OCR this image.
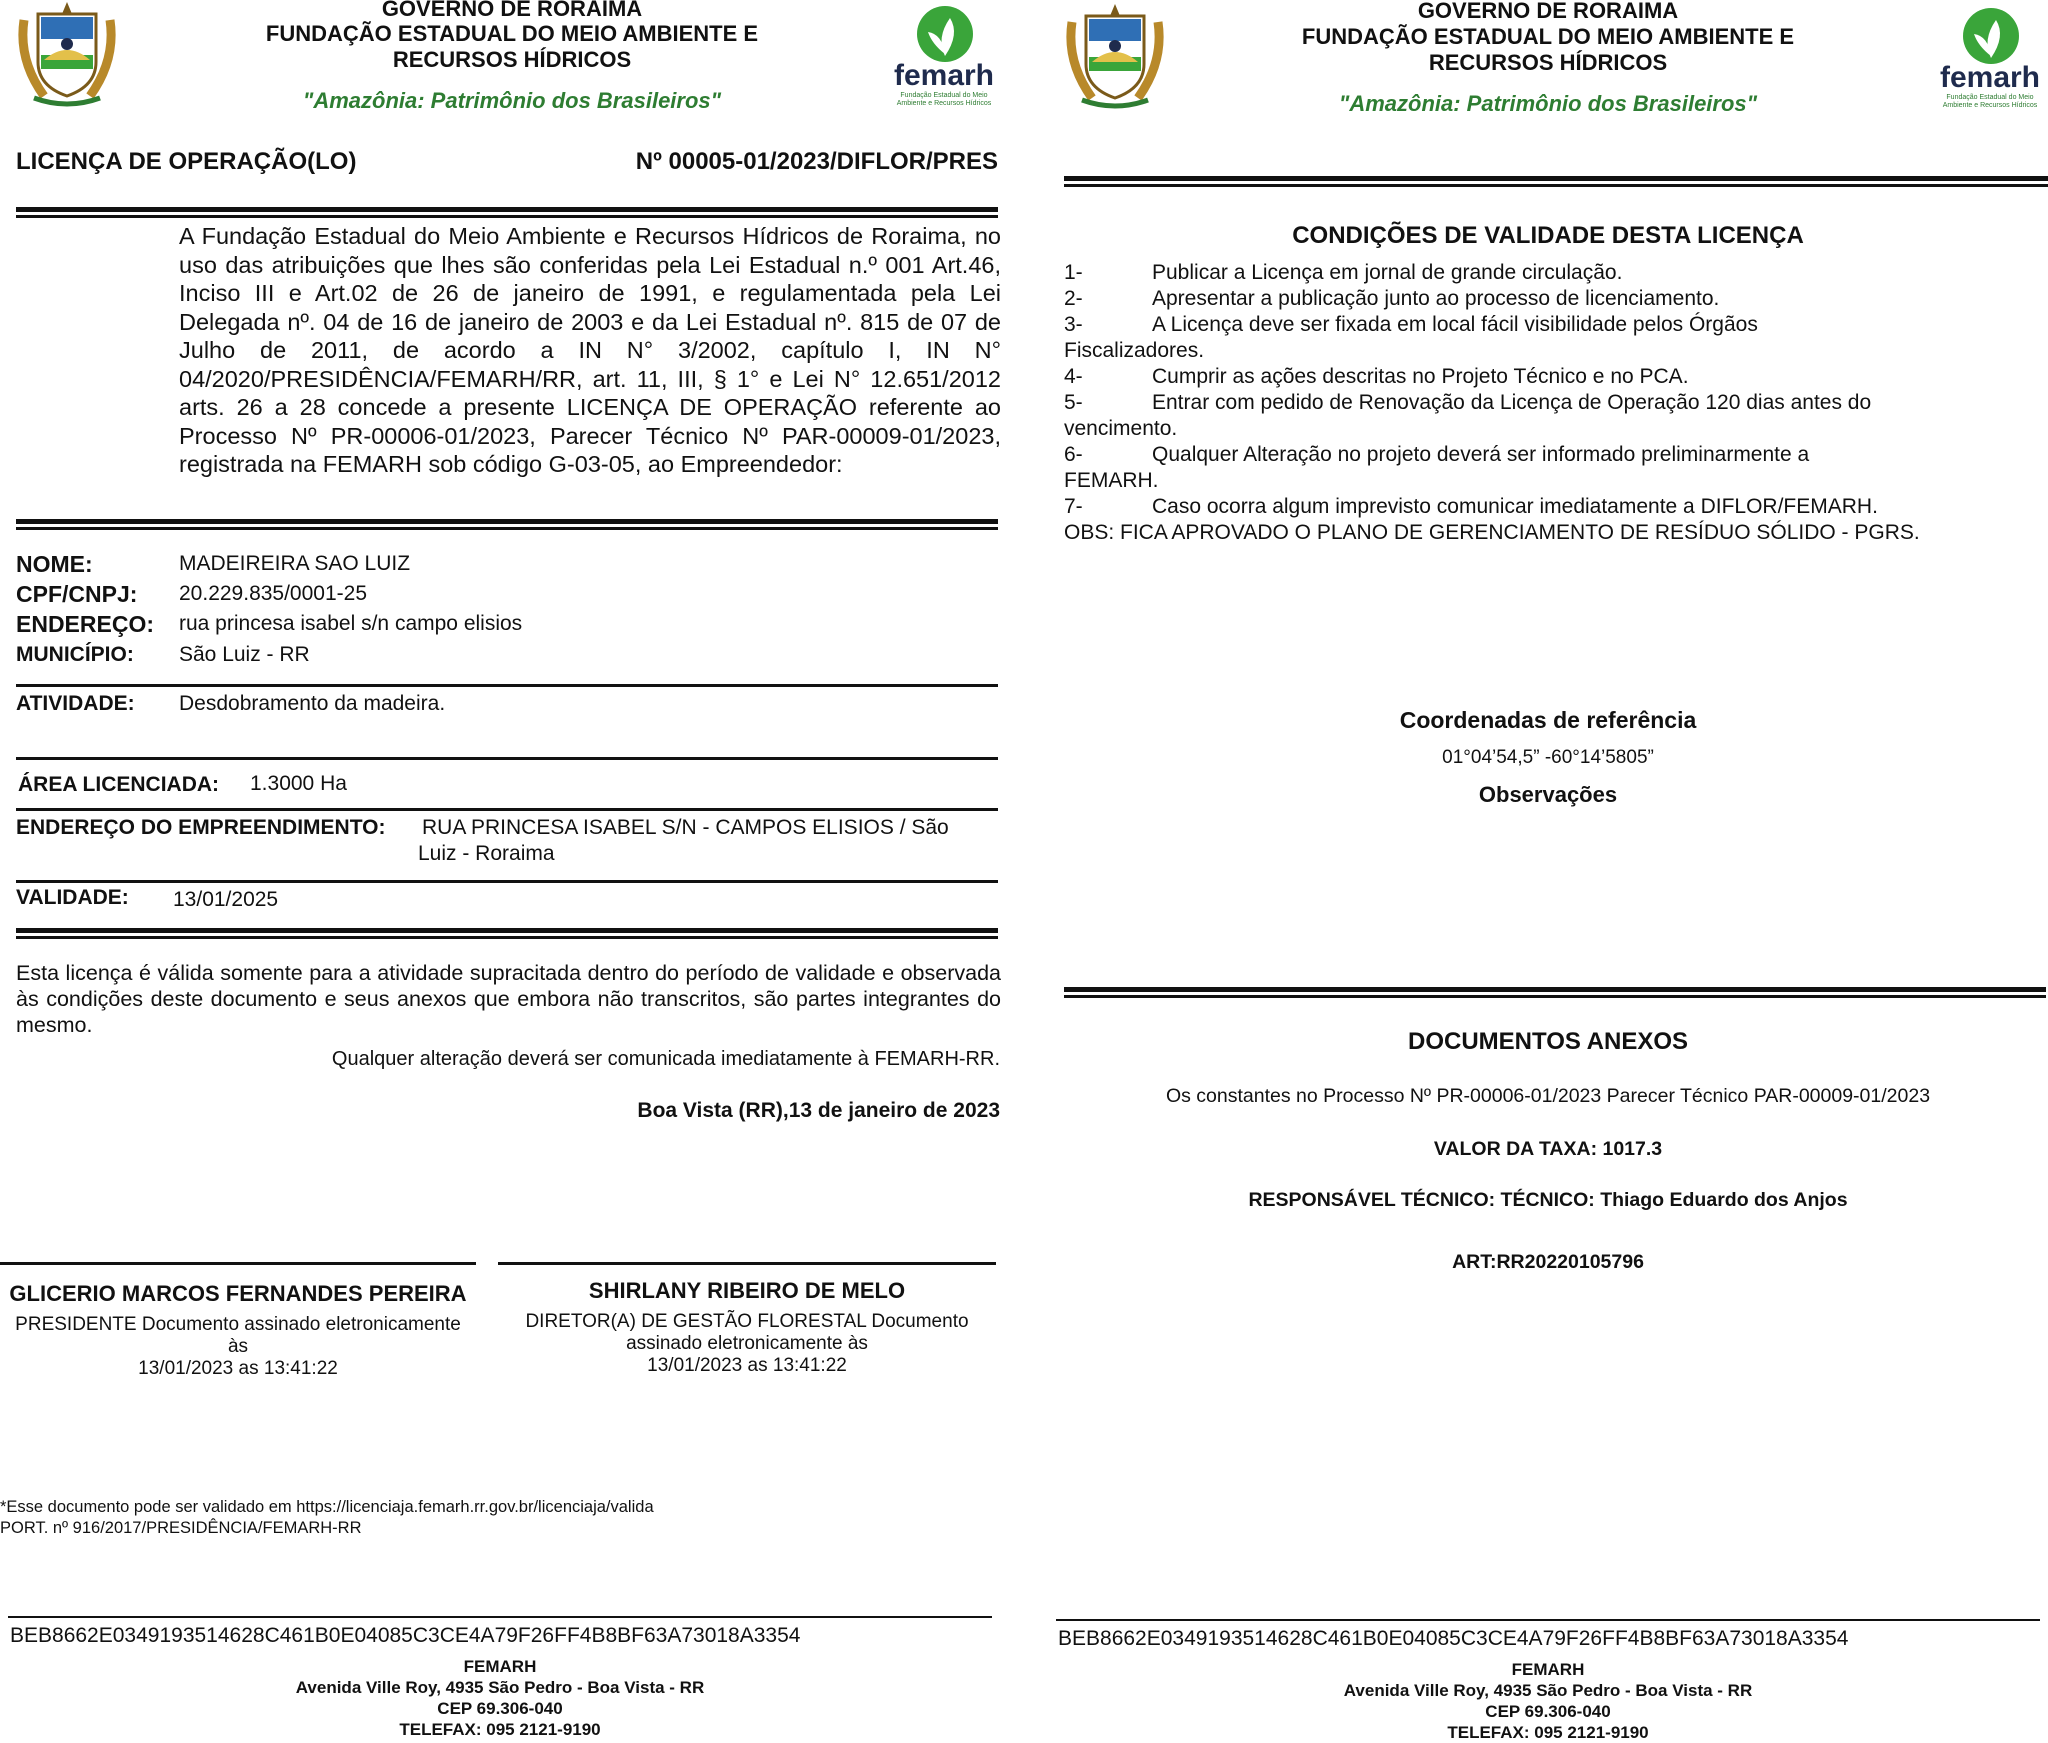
GOVERNO DE RORAIMA
FUNDAÇÃO ESTADUAL DO MEIO AMBIENTE E
RECURSOS HÍDRICOS
"Amazônia: Patrimônio dos Brasileiros"
femarh
Fundação Estadual do Meio Ambiente e Recursos Hídricos
LICENÇA DE OPERAÇÃO(LO)	Nº 00005-01/2023/DIFLOR/PRES
A Fundação Estadual do Meio Ambiente e Recursos Hídricos de Roraima, no uso das atribuições que lhes são conferidas pela Lei Estadual n.º 001 Art.46, Inciso III e Art.02 de 26 de janeiro de 1991, e regulamentada pela Lei Delegada nº. 04 de 16 de janeiro de 2003 e da Lei Estadual nº. 815 de 07 de Julho de 2011, de acordo a IN N° 3/2002, capítulo I, IN N° 04/2020/PRESIDÊNCIA/FEMARH/RR, art. 11, III, § 1° e Lei N° 12.651/2012 arts. 26 a 28 concede a presente LICENÇA DE OPERAÇÃO referente ao Processo Nº PR-00006-01/2023, Parecer Técnico Nº PAR-00009-01/2023, registrada na FEMARH sob código G-03-05, ao Empreendedor:
NOME:	MADEIREIRA SAO LUIZ
CPF/CNPJ: 20.229.835/0001-25
ENDEREÇO: rua princesa isabel s/n campo elisios
MUNICÍPIO: São Luiz - RR
ATIVIDADE: Desdobramento da madeira.
ÁREA LICENCIADA: 1.3000 Ha
ENDEREÇO DO EMPREENDIMENTO: RUA PRINCESA ISABEL S/N - CAMPOS ELISIOS / São
Luiz - Roraima
VALIDADE: 13/01/2025
Esta licença é válida somente para a atividade supracitada dentro do período de validade e observada às condições deste documento e seus anexos que embora não transcritos, são partes integrantes do mesmo.
Qualquer alteração deverá ser comunicada imediatamente à FEMARH-RR.
Boa Vista (RR),13 de janeiro de 2023
GLICERIO MARCOS FERNANDES PEREIRA
PRESIDENTE Documento assinado eletronicamente
às
13/01/2023 as 13:41:22
SHIRLANY RIBEIRO DE MELO
DIRETOR(A) DE GESTÃO FLORESTAL Documento
assinado eletronicamente às
13/01/2023 as 13:41:22
*Esse documento pode ser validado em https://licenciaja.femarh.rr.gov.br/licenciaja/valida
PORT. nº 916/2017/PRESIDÊNCIA/FEMARH-RR
BEB8662E0349193514628C461B0E04085C3CE4A79F26FF4B8BF63A73018A3354
FEMARH
Avenida Ville Roy, 4935 São Pedro - Boa Vista - RR
CEP 69.306-040
TELEFAX: 095 2121-9190
GOVERNO DE RORAIMA
FUNDAÇÃO ESTADUAL DO MEIO AMBIENTE E
RECURSOS HÍDRICOS
"Amazônia: Patrimônio dos Brasileiros"
femarh
Fundação Estadual do Meio Ambiente e Recursos Hídricos
CONDIÇÕES DE VALIDADE DESTA LICENÇA
1-	Publicar a Licença em jornal de grande circulação.
2-	Apresentar a publicação junto ao processo de licenciamento.
3-	A Licença deve ser fixada em local fácil visibilidade pelos Órgãos
Fiscalizadores.
4-	Cumprir as ações descritas no Projeto Técnico e no PCA.
5-	Entrar com pedido de Renovação da Licença de Operação 120 dias antes do
vencimento.
6-	Qualquer Alteração no projeto deverá ser informado preliminarmente a
FEMARH.
7-	Caso ocorra algum imprevisto comunicar imediatamente a DIFLOR/FEMARH.
OBS: FICA APROVADO O PLANO DE GERENCIAMENTO DE RESÍDUO SÓLIDO - PGRS.
Coordenadas de referência
01°04’54,5” -60°14’5805”
Observações
DOCUMENTOS ANEXOS
Os constantes no Processo Nº PR-00006-01/2023 Parecer Técnico PAR-00009-01/2023
VALOR DA TAXA: 1017.3
RESPONSÁVEL TÉCNICO: TÉCNICO: Thiago Eduardo dos Anjos
ART:RR20220105796
BEB8662E0349193514628C461B0E04085C3CE4A79F26FF4B8BF63A73018A3354
FEMARH
Avenida Ville Roy, 4935 São Pedro - Boa Vista - RR
CEP 69.306-040
TELEFAX: 095 2121-9190
